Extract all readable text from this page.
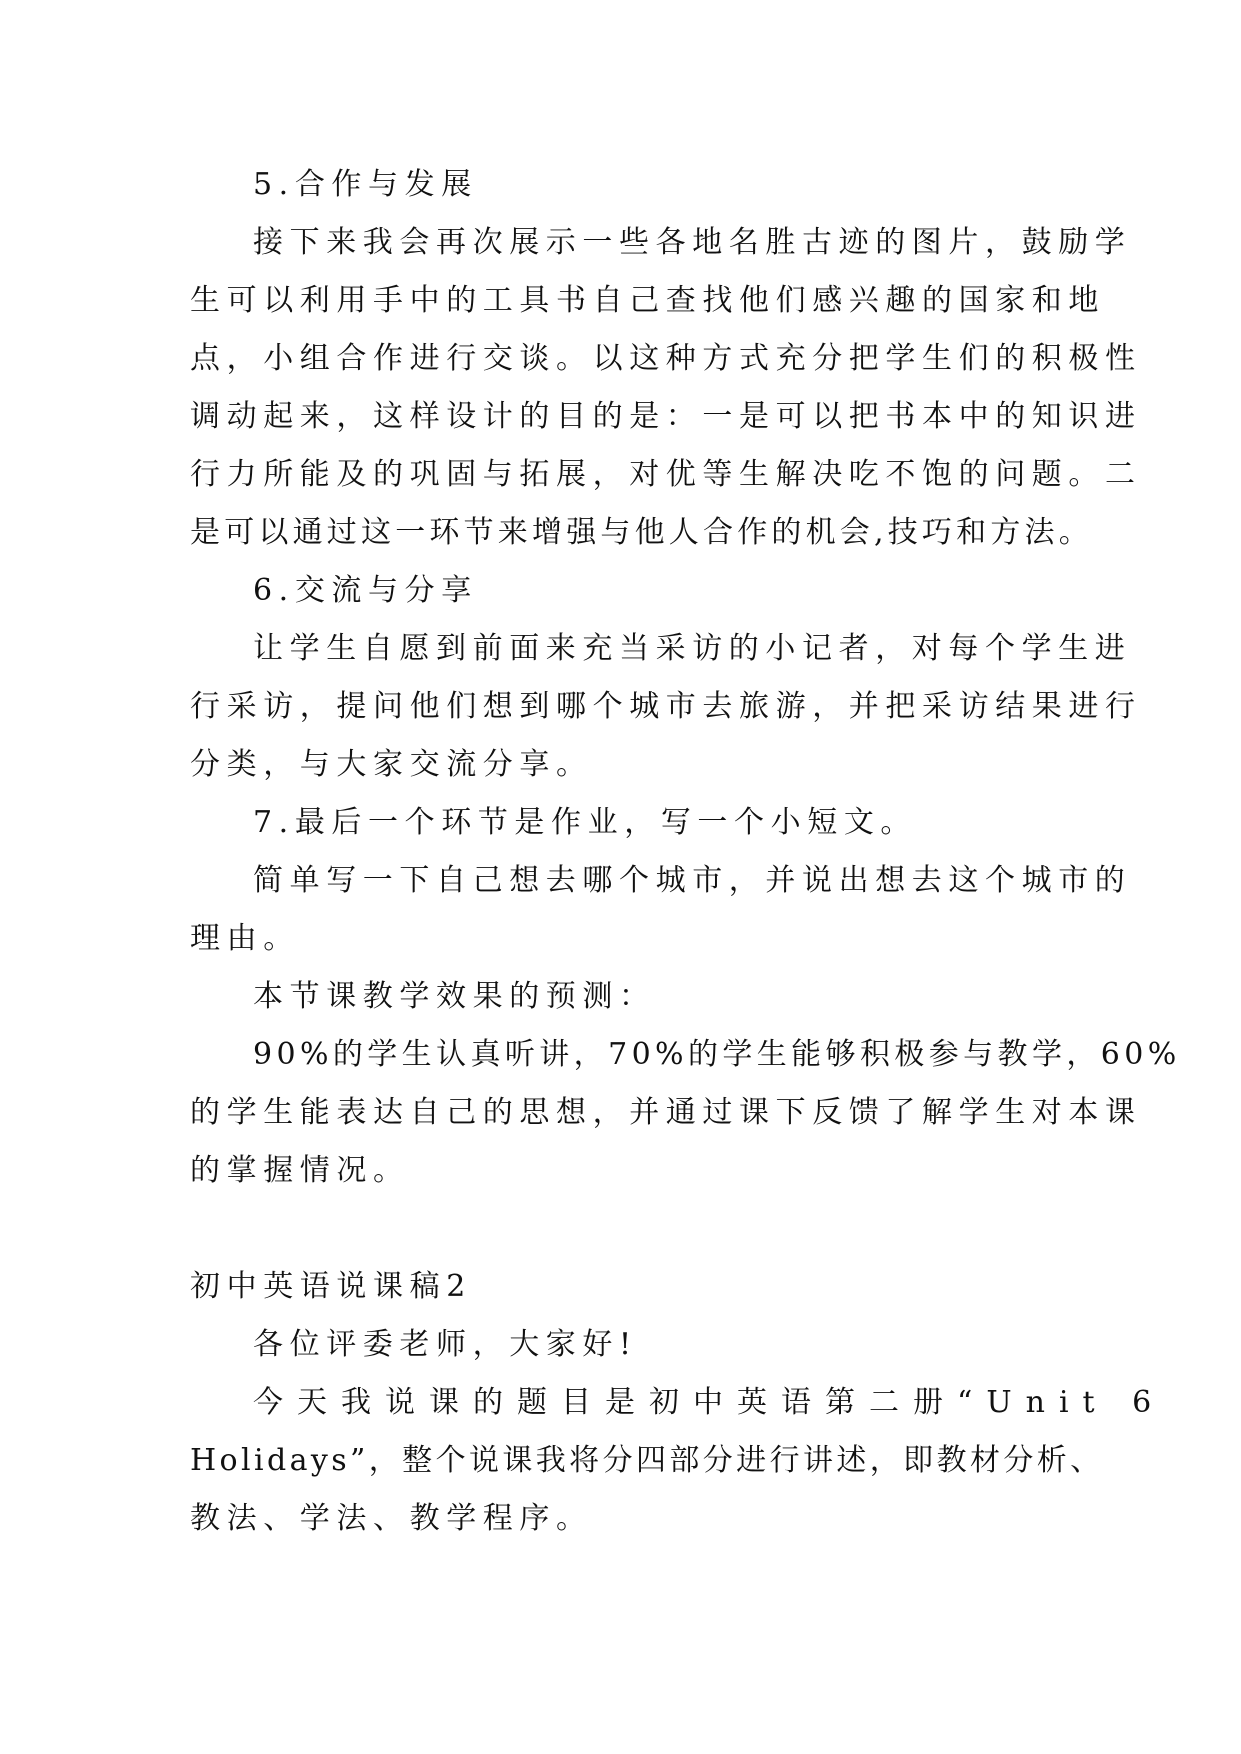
5.合作与发展
接下来我会再次展示一些各地名胜古迹的图片，鼓励学
生可以利用手中的工具书自己查找他们感兴趣的国家和地
点，小组合作进行交谈。以这种方式充分把学生们的积极性
调动起来，这样设计的目的是：一是可以把书本中的知识进
行力所能及的巩固与拓展，对优等生解决吃不饱的问题。二
是可以通过这一环节来增强与他人合作的机会,技巧和方法。
6.交流与分享
让学生自愿到前面来充当采访的小记者，对每个学生进
行采访，提问他们想到哪个城市去旅游，并把采访结果进行
分类，与大家交流分享。
7.最后一个环节是作业，写一个小短文。
简单写一下自己想去哪个城市，并说出想去这个城市的
理由。
本节课教学效果的预测：
90%的学生认真听讲，70%的学生能够积极参与教学，60%
的学生能表达自己的思想，并通过课下反馈了解学生对本课
的掌握情况。
初中英语说课稿2
各位评委老师，大家好!
今天我说课的题目是初中英语第二册“Unit 6
Holidays”，整个说课我将分四部分进行讲述，即教材分析、
教法、学法、教学程序。
